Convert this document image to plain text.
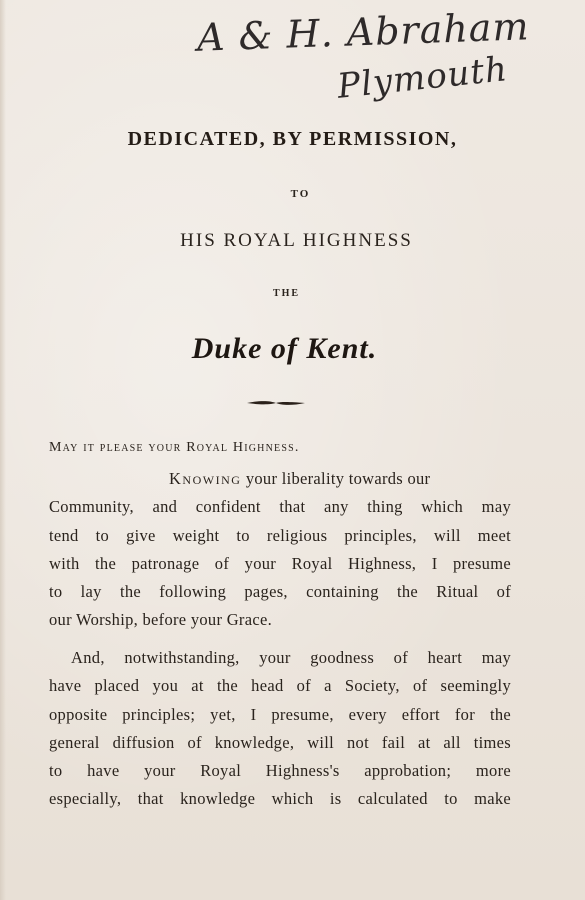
A & H. Abraham
Plymouth
DEDICATED, BY PERMISSION,
TO
HIS ROYAL HIGHNESS
THE
Duke of Kent.
May it please your Royal Highness.
Knowing your liberality towards our
Community, and confident that any thing which may
tend to give weight to religious principles, will meet
with the patronage of your Royal Highness, I presume
to lay the following pages, containing the Ritual of
our Worship, before your Grace.
And, notwithstanding, your goodness of heart may
have placed you at the head of a Society, of seemingly
opposite principles; yet, I presume, every effort for the
general diffusion of knowledge, will not fail at all times
to have your Royal Highness's approbation; more
especially, that knowledge which is calculated to make
